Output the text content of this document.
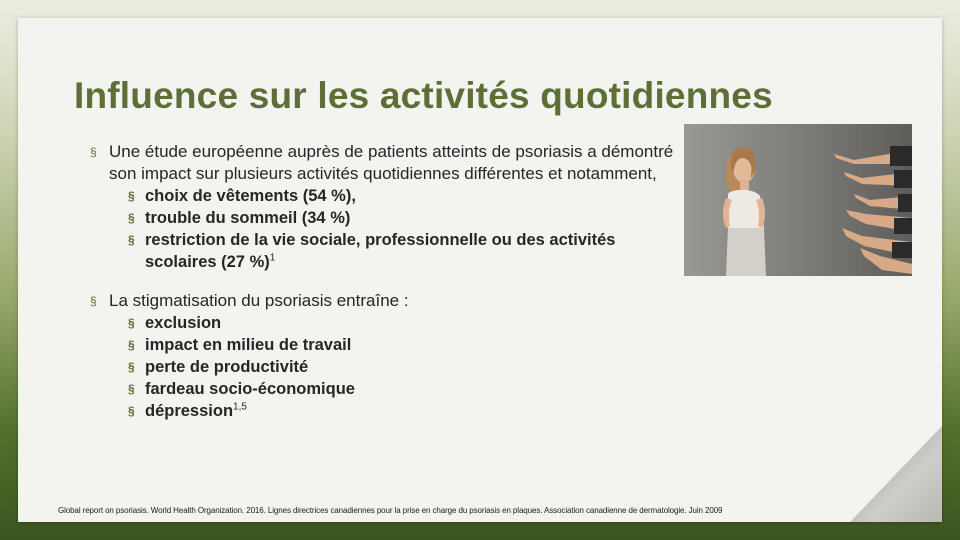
Influence sur les activités quotidiennes

§ Une étude européenne auprès de patients atteints de psoriasis a démontré son impact sur plusieurs activités quotidiennes différentes et notamment,

§ choix de vêtements (54 %),
§ trouble du sommeil (34 %)
§ restriction de la vie sociale, professionnelle ou des activités scolaires (27 %)$^1$

§ La stigmatisation du psoriasis entraîne :

§ exclusion
§ impact en milieu de travail
§ perte de productivité
§ fardeau socio-économique
§ dépression$^{1,5}$
Global report on psoriasis. World Health Organization. 2016. Lignes directrices canadiennes pour la prise en charge du psoriasis en plaques. Association canadienne de dermatologie. Juin 2009
